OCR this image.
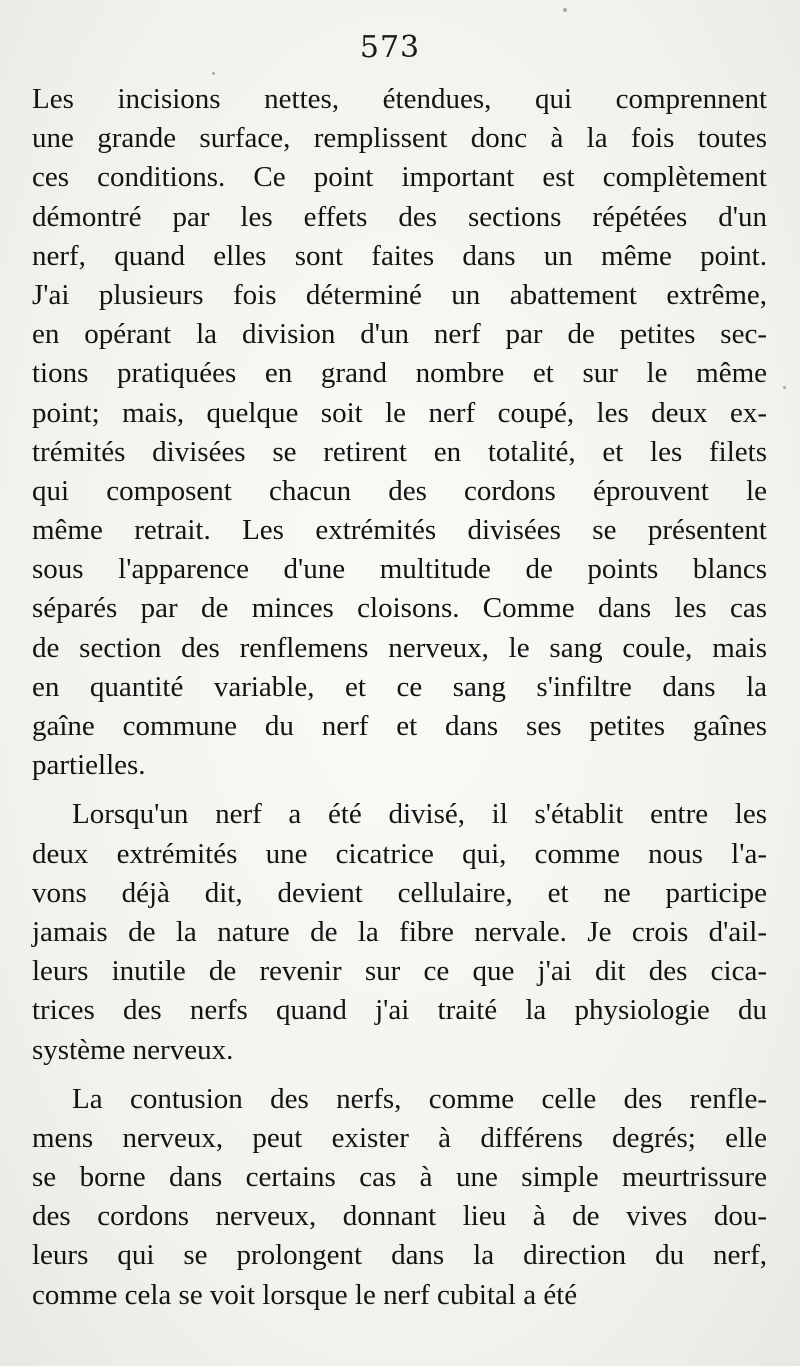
573
Les incisions nettes, étendues, qui comprennent
une grande surface, remplissent donc à la fois toutes
ces conditions. Ce point important est complètement
démontré par les effets des sections répétées d'un
nerf, quand elles sont faites dans un même point.
J'ai plusieurs fois déterminé un abattement extrême,
en opérant la division d'un nerf par de petites sec-
tions pratiquées en grand nombre et sur le même
point; mais, quelque soit le nerf coupé, les deux ex-
trémités divisées se retirent en totalité, et les filets
qui composent chacun des cordons éprouvent le
même retrait. Les extrémités divisées se présentent
sous l'apparence d'une multitude de points blancs
séparés par de minces cloisons. Comme dans les cas
de section des renflemens nerveux, le sang coule, mais
en quantité variable, et ce sang s'infiltre dans la
gaîne commune du nerf et dans ses petites gaînes
partielles.
Lorsqu'un nerf a été divisé, il s'établit entre les
deux extrémités une cicatrice qui, comme nous l'a-
vons déjà dit, devient cellulaire, et ne participe
jamais de la nature de la fibre nervale. Je crois d'ail-
leurs inutile de revenir sur ce que j'ai dit des cica-
trices des nerfs quand j'ai traité la physiologie du
système nerveux.
La contusion des nerfs, comme celle des renfle-
mens nerveux, peut exister à différens degrés; elle
se borne dans certains cas à une simple meurtrissure
des cordons nerveux, donnant lieu à de vives dou-
leurs qui se prolongent dans la direction du nerf,
comme cela se voit lorsque le nerf cubital a été
